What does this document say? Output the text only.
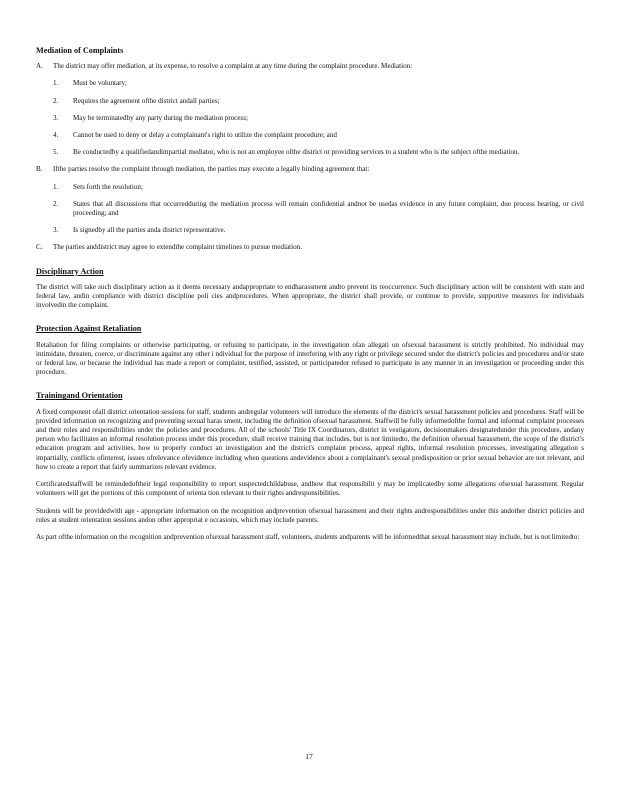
Mediation of Complaints
A.	The district may offer mediation, at its expense, to resolve a complaint at any time during the complaint procedure. Mediation:
1.	Must be voluntary;
2.	Requires the agreement ofthe district andall parties;
3.	May be terminatedby any party during the mediation process;
4.	Cannot be used to deny or delay a complainant's right to utilize the complaint procedure; and
5.	Be conductedby a qualifiedandimpartial mediator, who is not an employee ofthe district or providing services to a student who is the subject ofthe mediation.
B.	Ifthe parties resolve the complaint through mediation, the parties may execute a legally binding agreement that:
1.	Sets forth the resolution;
2.	States that all discussions that occurredduring the mediation process will remain confidential andnot be usedas evidence in any future complaint, due process hearing, or civil proceeding; and
3.	Is signedby all the parties anda district representative.
C.	The parties anddistrict may agree to extendthe complaint timelines to pursue mediation.
Disciplinary Action
The district will take such disciplinary action as it deems necessary andappropriate to endharassment andto prevent its reoccurrence. Such disciplinary action will be consistent with state and federal law, andin compliance with district discipline poli cies andprocedures. When appropriate, the district shall provide, or continue to provide, supportive measures for individuals involvedin the complaint.
Protection Against Retaliation
Retaliation for filing complaints or otherwise participating, or refusing to participate, in the investigation ofan allegati on ofsexual harassment is strictly prohibited. No individual may intimidate, threaten, coerce, or discriminate against any other i ndividual for the purpose of interfering with any right or privilege secured under the district's policies and procedures and/or state or federal law, or because the individual has made a report or complaint, testified, assisted, or participatedor refused to participate in any manner in an investigation or proceeding under this procedure.
Trainingand Orientation
A fixed component ofall district orientation sessions for staff, students andregular volunteers will introduce the elements of the district's sexual harassment policies and procedures. Staff will be provided information on recognizing and preventing sexual haras sment, including the definition ofsexual harassment. Staffwill be fully informedofthe formal and informal complaint processes and their roles and responsibilities under the policies and procedures. All of the schools' Title IX Coordinators, district in vestigators, decisionmakers designatedunder this procedure, andany person who facilitates an informal resolution process under this procedure, shall receive training that includes, but is not limitedto, the definition ofsexual harassment, the scope of the district's education program and activities, how to properly conduct an investigation and the district's complaint process, appeal rights, informal resolution processes, investigating allegation s impartially, conflicts ofinterest, issues ofrelevance ofevidence including when questions andevidence about a complainant's sexual predisposition or prior sexual behavior are not relevant, and how to create a report that fairly summarizes relevant evidence.
Certificatedstaffwill be remindedoftheir legal responsibility to report suspectedchildabuse, andhow that responsibilit y may be implicatedby some allegations ofsexual harassment. Regular volunteers will get the portions of this component of orienta tion relevant to their rights andresponsibilities.
Students will be providedwith age - appropriate information on the recognition andprevention ofsexual harassment and their rights andresponsibilities under this andother district policies and rules at student orientation sessions andon other appropriat e occasions, which may include parents.
As part ofthe information on the recognition andprevention ofsexual harassment staff, volunteers, students andparents will be informedthat sexual harassment may include, but is not limitedto:
17
